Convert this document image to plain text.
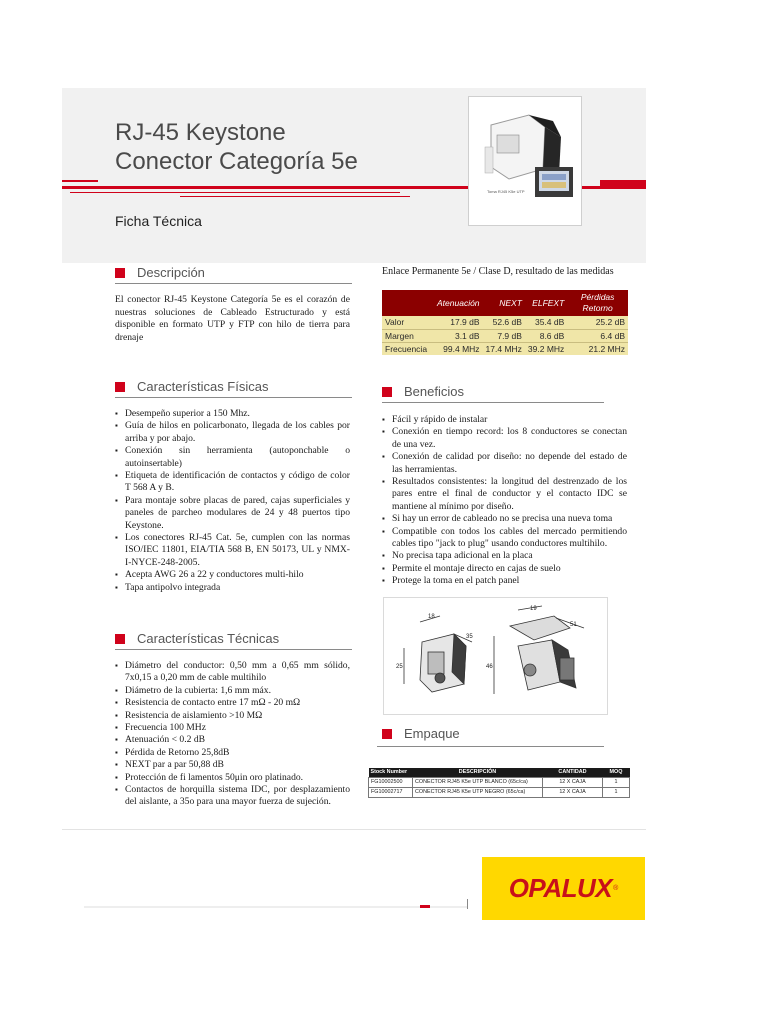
RJ-45 Keystone
Conector Categoría 5e
Ficha Técnica
Toma RJ45 K5e UTP
Descripción
El conector RJ-45 Keystone Categoría 5e es el corazón de nuestras soluciones de Cableado Estructurado y está disponible en formato UTP y FTP con hilo de tierra para drenaje
Enlace Permanente 5e / Clase D, resultado de las medidas
	Atenuación	NEXT	ELFEXT	Pérdidas Retorno
Valor	17.9 dB	52.6 dB	35.4 dB	25.2 dB
Margen	3.1 dB	7.9 dB	8.6 dB	6.4 dB
Frecuencia	99.4 MHz	17.4 MHz	39.2 MHz	21.2 MHz
Características Físicas
▪ Desempeño superior a 150 Mhz.
▪ Guía de hilos en policarbonato, llegada de los cables por arriba y por abajo.
▪ Conexión sin herramienta (autoponchable o autoinsertable)
▪ Etiqueta de identificación de contactos y código de color T 568 A y B.
▪ Para montaje sobre placas de pared, cajas superficiales y paneles de parcheo modulares de 24 y 48 puertos tipo Keystone.
▪ Los conectores RJ-45 Cat. 5e, cumplen con las normas ISO/IEC 11801, EIA/TIA 568 B, EN 50173, UL y NMX-I-NYCE-248-2005.
▪ Acepta AWG 26 a 22 y conductores multi-hilo
▪ Tapa antipolvo integrada
Beneficios
▪ Fácil y rápido de instalar
▪ Conexión en tiempo record: los 8 conductores se conectan de una vez.
▪ Conexión de calidad por diseño: no depende del estado de las herramientas.
▪ Resultados consistentes: la longitud del destrenzado de los pares entre el final de conductor y el contacto IDC se mantiene al mínimo por diseño.
▪ Si hay un error de cableado no se precisa una nueva toma
▪ Compatible con todos los cables del mercado permitiendo cables tipo "jack to plug" usando conductores multihilo.
▪ No precisa tapa adicional en la placa
▪ Permite el montaje directo en cajas de suelo
▪ Protege la toma en el patch panel
18
35
25
19
51
46
Características Técnicas
▪ Diámetro del conductor: 0,50 mm a 0,65 mm sólido, 7x0,15 a 0,20 mm de cable multihilo
▪ Diámetro de la cubierta: 1,6 mm máx.
▪ Resistencia de contacto entre 17 mΩ - 20 mΩ
▪ Resistencia de aislamiento >10 MΩ
▪ Frecuencia 100 MHz
▪ Atenuación < 0.2 dB
▪ Pérdida de Retorno 25,8dB
▪ NEXT par a par 50,88 dB
▪ Protección de fi lamentos 50μin oro platinado.
▪ Contactos de horquilla sistema IDC, por desplazamiento del aislante, a 35o para una mayor fuerza de sujeción.
Empaque
Stock Number	DESCRIPCIÓN	CANTIDAD	MOQ
FG10002500	CONECTOR RJ45 K5e UTP BLANCO (65c/ca)	12 X CAJA	1
FG10002717	CONECTOR RJ45 K5e UTP NEGRO (65c/ca)	12 X CAJA	1
OPALUX ®
